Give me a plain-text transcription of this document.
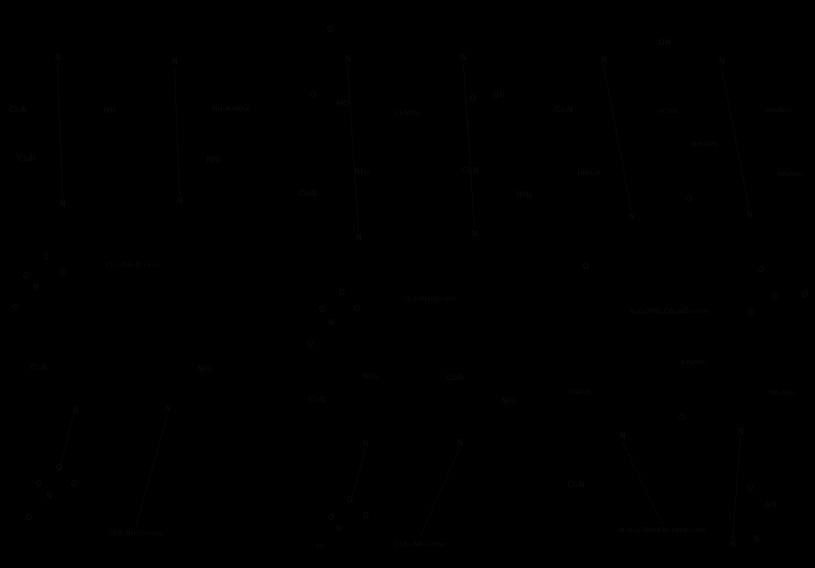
O
N	N	N	N
OH
N	N
O
HO
O NH
Cl₂N	HN	NH₂N-HO₂C	Cl₂NHN	Cl₂N	HOHN	NH₂NO₂
Cl₂N	NH₂
NH₂NH₂
NH₂	Cl₂N	HNH₂N	NH₂NH₂
Cl₂N	NH₂
N	N	O
N	N
N	N
O
O	O
N
O
Cl₂S₂NH₂O-conv	O	O
O	O	O
Cl₂S₂NH₂O-conv
O	O	O
N
N₂O₂7NO₂CW₂NO₂-conv
O
NH₂NH₂
Cl₂N	NH₂
NH₂	Cl₂N
HNH₂N	NH₂NH₂
Cl₂N	NH₂
N	N
O
N
N
N	N
O
O	O	Cl₂N
N
O
O
NH
O
O	O
N
Cl₂S₂NH₂O-conv	N₂O₂p7NO₂CW₂conv-conv
N
N
O	Cl₂S₂-NH₂-conv
